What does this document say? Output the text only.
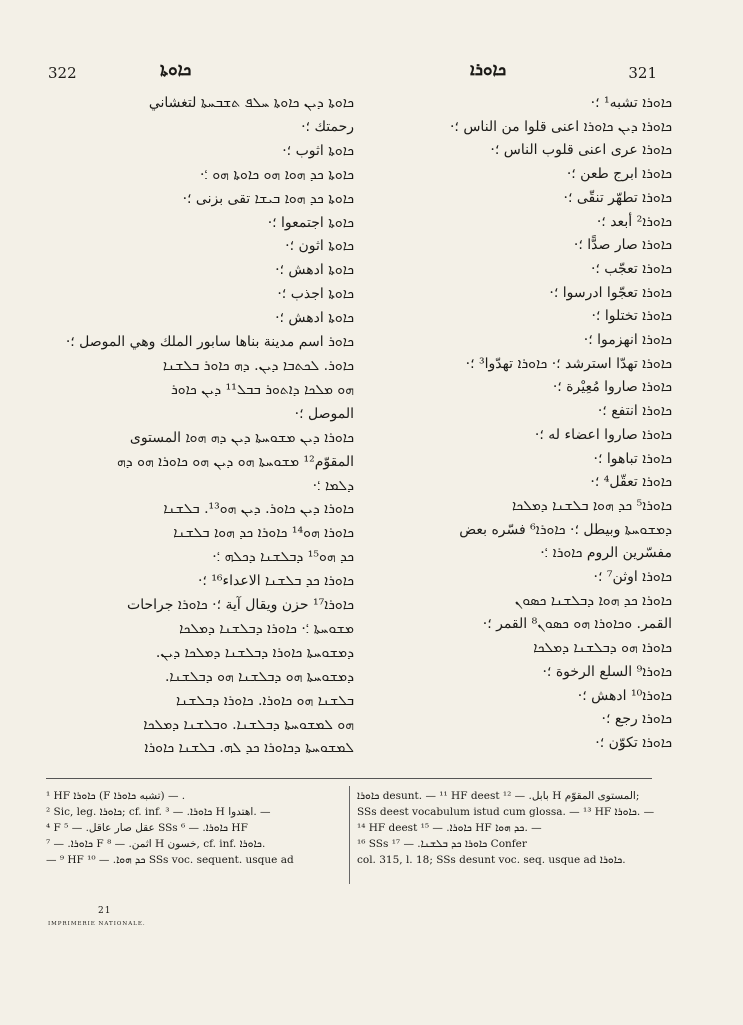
322	ܟܐܘܬܐ	ܟܐܘܪܐ	321

ܟܐܘܬܐ ܕܝܢ ܟܐܘܬܐ ܚܠܦ ܬܫܒܚܬܐ لتغشاني

رحمتك ؛·

ܟܐܘܬܐ اثوب ؛·

ܟܐܘܬܐ ܟܕ ܗܘܐ ܗܘ ܟܐܘܬܐ ܗܘ ؛·

ܟܐܘܬܐ ܟܕ ܗܘܐ ܒܝܫܐ تقى بزنى ؛·

ܟܐܘܬܐ اجتمعوا ؛·

ܟܐܘܬܐ اثون ؛·

ܟܐܘܬܐ ادهش ؛·

ܟܐܘܬܐ اجذب ؛·

ܟܐܘܬܐ ادهش ؛·

ܟܐܘܪ اسم مدينة بناها سابور الملك وهي الموصل ؛·

ܟܐܘܪ. ܠܟܬܒܐ ܕܝܢ. ܕܗ ܟܐܘܪ ܒܠܫܢܐ

ܗܘ ܡܠܟܐ ܕܐܬܘܪ ܒܒܠ¹¹ ܕܝܢ ܟܐܘܪ

الموصل ؛·

ܟܐܘܪܐ ܕܝܢ ܡܫܘܚܬܐ ܕܝܢ ܕܗ ܗܘܐ المستوى

المقوّم¹² ܡܫܘܚܬܐ ܗܘ ܕܝܢ ܗܘ ܟܐܘܪܐ ܗܘ ܕܗ

ܕܠܡܐ ؛·

ܟܐܘܪܐ ܕܝܢ ܟܐܘܪ. ܕܝܢ ܗܘ¹³. ܒܠܫܢܐ

ܟܐܘܪܐ ܗܘ¹⁴ ܟܐܘܪܐ ܟܕ ܗܘܐ ܒܠܫܢܐ

ܟܕ ܗܘ¹⁵ ܕܒܠܫܢܐ ܕܟܠܗ ؛·

ܟܐܘܪܐ ܟܕ ܒܠܫܢܐ الاعداء¹⁶ ؛·

ܟܐܘܪܐ¹⁷ حزن ويقال آية ؛· ܟܐܘܪܐ جراحات

ܡܫܘܚܬܐ ؛· ܟܐܘܪܐ ܕܒܠܫܢܐ ܕܡܠܟܐ

ܕܡܫܘܚܬܐ ܟܐܘܪܐ ܕܒܠܫܢܐ ܕܡܠܟܐ ܕܝܢ.

ܕܡܫܘܚܬܐ ܗܘ ܕܒܠܫܢܐ ܗܘ ܕܒܠܫܢܐ.

ܒܠܫܢܐ ܗܘ ܟܐܘܪܐ. ܟܐܘܪܐ ܕܒܠܫܢܐ

ܗܘ ܠܡܫܘܚܬܐ ܕܒܠܫܢܐ. ܘܒܠܫܢܐ ܕܡܠܟܐ

ܠܡܫܘܚܬܐ ܕܟܐܘܪܐ ܟܕ ܠܗ. ܒܠܫܢܐ ܟܐܘܪܐ

ܟܐܘܪܐ تشبه¹ ؛·

ܟܐܘܪܐ ܕܝܢ ܟܐܘܪܐ اعنى قلوا من الناس ؛·

ܟܐܘܪܐ عرى اعنى قلوب الناس ؛·

ܟܐܘܪܐ ابرج طعن ؛·

ܟܐܘܪܐ تطهّر تنقّى ؛·

ܟܐܘܪܐ² أبعد ؛·

ܟܐܘܪܐ صار صدًّا ؛·

ܟܐܘܪܐ تعجّب ؛·

ܟܐܘܪܐ تعجّوا ادرسوا ؛·

ܟܐܘܪܐ تختلوا ؛·

ܟܐܘܪܐ انهزموا ؛·

ܟܐܘܪܐ تهدّا استرشد ؛· ܟܐܘܪܐ تهدّوا³ ؛·

ܟܐܘܪܐ صاروا مُعِيْرة ؛·

ܟܐܘܪܐ انتفع ؛·

ܟܐܘܪܐ صاروا اعضاء له ؛·

ܟܐܘܪܐ تباهوا ؛·

ܟܐܘܪܐ تعقّل⁴ ؛·

ܟܐܘܪܐ⁵ ܟܕ ܗܘܐ ܒܠܫܢܐ ܕܡܠܟܐ

ܕܡܫܘܚܬܐ وبيطل ؛· ܟܐܘܪܐ⁶ فسّره بعض

مفسّرين الروم ܟܐܘܪܐ ؛·

ܟܐܘܪܐ اوثن⁷ ؛·

ܟܐܘܪܐ ܟܕ ܗܘܐ ܕܒܠܫܢܐ ܟܣܘܢ

القمر. ܘܟܐܘܪܐ ܗܘ ܟܣܘܢ⁸ القمر ؛·

ܟܐܘܪܐ ܗܘ ܕܒܠܫܢܐ ܕܡܠܟܐ

ܟܐܘܪܐ⁹ السلع الرخوة ؛·

ܟܐܘܪܐ¹⁰ ادهش ؛·

ܟܐܘܪܐ رجع ؛·

ܟܐܘܪܐ تكوّن ؛·

¹ HF ܟܐܘܪܐ (F تشبه ܟܐܘܪܐ) — .

² Sic, leg. ܟܐܘܪܐ; cf. inf. ܟܐܘܪܐ. — ³ H اهتدوا. —

⁴ F عقل صار عاقل. — ⁵ SSs ܟܐܘܪܐ. — ⁶ HF

ܟܐܘܪܐ. — ⁷ F اثمن. — ⁸ H خسون, cf. inf. ܟܐܘܪܐ.

— ⁹ HF ܟܕ ܗܘܐ. — ¹⁰ SSs voc. sequent. usque ad

ܟܐܘܪܐ desunt. — ¹¹ HF deest بابل. — ¹² H المستوى المقوّم;

SSs deest vocabulum istud cum glossa. — ¹³ HF ܟܐܘܪܐ. —

¹⁴ HF deest ܟܐܘܪܐ. — ¹⁵ HF ܟܕ ܗܘܐ. —

¹⁶ SSs ܟܐܘܪܐ ܟܕ ܒܠܫܢܐ. — ¹⁷ Confer

col. 315, l. 18; SSs desunt voc. seq. usque ad ܟܐܘܪܐ.

21
IMPRIMERIE NATIONALE.
